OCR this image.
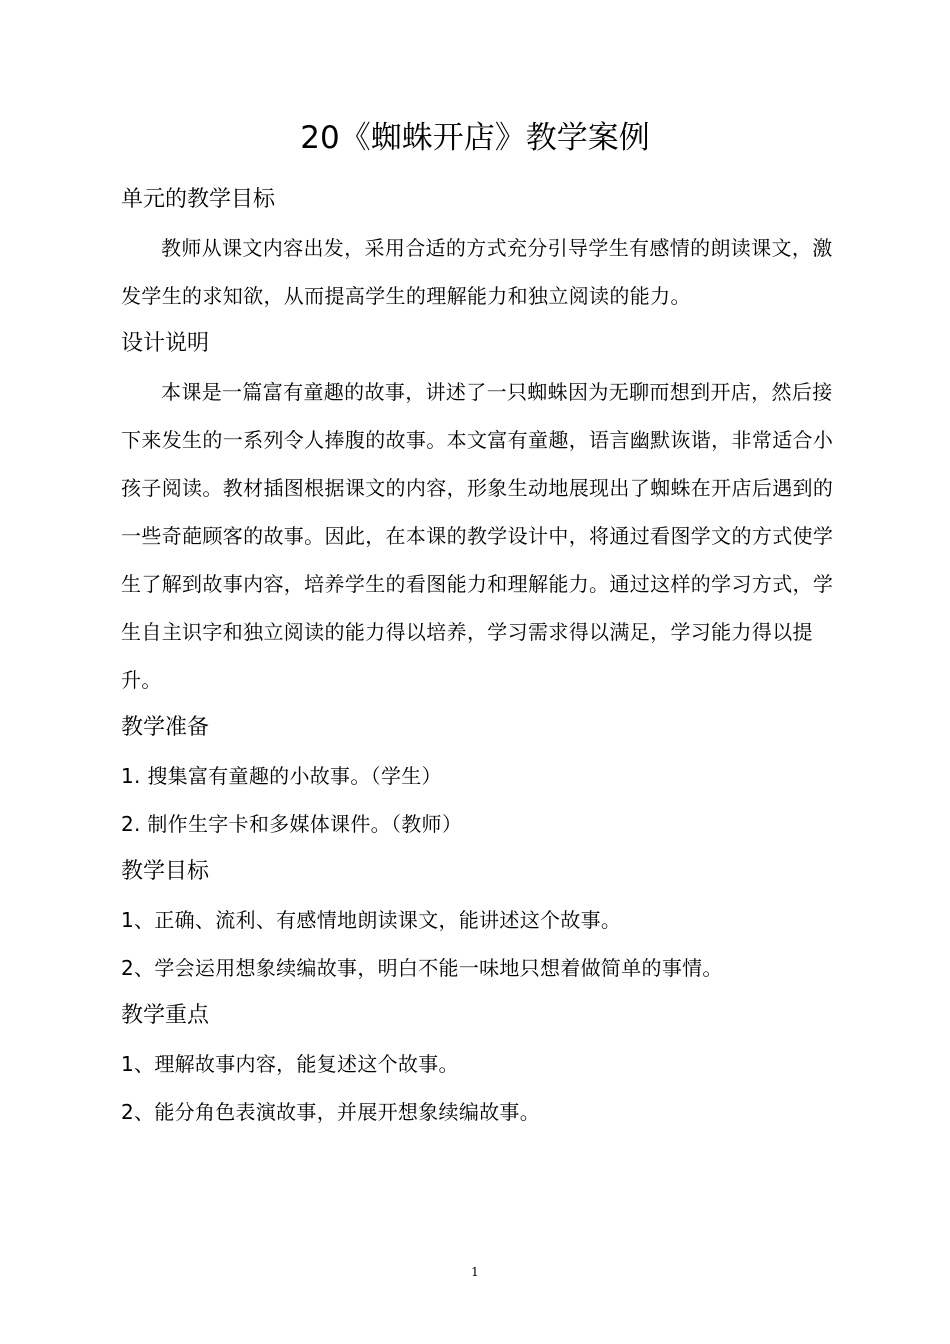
20《蜘蛛开店》教学案例
单元的教学目标

教师从课文内容出发，采用合适的方式充分引导学生有感情的朗读课文，激发学生的求知欲，从而提高学生的理解能力和独立阅读的能力。

设计说明

本课是一篇富有童趣的故事，讲述了一只蜘蛛因为无聊而想到开店，然后接下来发生的一系列令人捧腹的故事。本文富有童趣，语言幽默诙谐，非常适合小孩子阅读。教材插图根据课文的内容，形象生动地展现出了蜘蛛在开店后遇到的一些奇葩顾客的故事。因此，在本课的教学设计中，将通过看图学文的方式使学生了解到故事内容，培养学生的看图能力和理解能力。通过这样的学习方式，学生自主识字和独立阅读的能力得以培养，学习需求得以满足，学习能力得以提升。

教学准备

1. 搜集富有童趣的小故事。（学生）

2. 制作生字卡和多媒体课件。（教师）

教学目标

1、正确、流利、有感情地朗读课文，能讲述这个故事。

2、学会运用想象续编故事，明白不能一味地只想着做简单的事情。

教学重点

1、理解故事内容，能复述这个故事。

2、能分角色表演故事，并展开想象续编故事。

1
